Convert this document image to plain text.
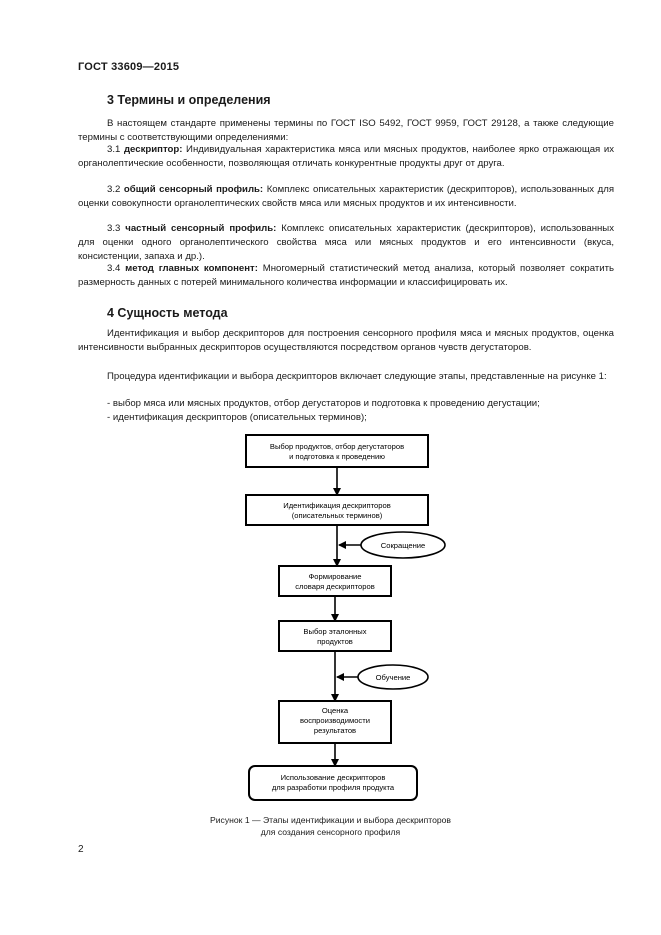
ГОСТ 33609—2015
3 Термины и определения

В настоящем стандарте применены термины по ГОСТ ISO 5492, ГОСТ 9959, ГОСТ 29128, а также следующие термины с соответствующими определениями:

3.1 дескриптор: Индивидуальная характеристика мяса или мясных продуктов, наиболее ярко отражающая их органолептические особенности, позволяющая отличать конкурентные продукты друг от друга.

3.2 общий сенсорный профиль: Комплекс описательных характеристик (дескрипторов), использованных для оценки совокупности органолептических свойств мяса или мясных продуктов и их интенсивности.

3.3 частный сенсорный профиль: Комплекс описательных характеристик (дескрипторов), использованных для оценки одного органолептического свойства мяса или мясных продуктов и его интенсивности (вкуса, консистенции, запаха и др.).

3.4 метод главных компонент: Многомерный статистический метод анализа, который позволяет сократить размерность данных с потерей минимального количества информации и классифицировать их.

4 Сущность метода

Идентификация и выбор дескрипторов для построения сенсорного профиля мяса и мясных продуктов, оценка интенсивности выбранных дескрипторов осуществляются посредством органов чувств дегустаторов.

Процедура идентификации и выбора дескрипторов включает следующие этапы, представленные на рисунке 1:

- выбор мяса или мясных продуктов, отбор дегустаторов и подготовка к проведению дегустации;
- идентификация дескрипторов (описательных терминов);
Выбор продуктов, отбор дегустаторов
и подготовка к проведению
Идентификация дескрипторов
(описательных терминов)
Сокращение
Формирование
словаря дескрипторов
Выбор эталонных
продуктов
Обучение
Оценка
воспроизводимости
результатов
Использование дескрипторов
для разработки профиля продукта
Рисунок 1 — Этапы идентификации и выбора дескрипторов
для создания сенсорного профиля
2
